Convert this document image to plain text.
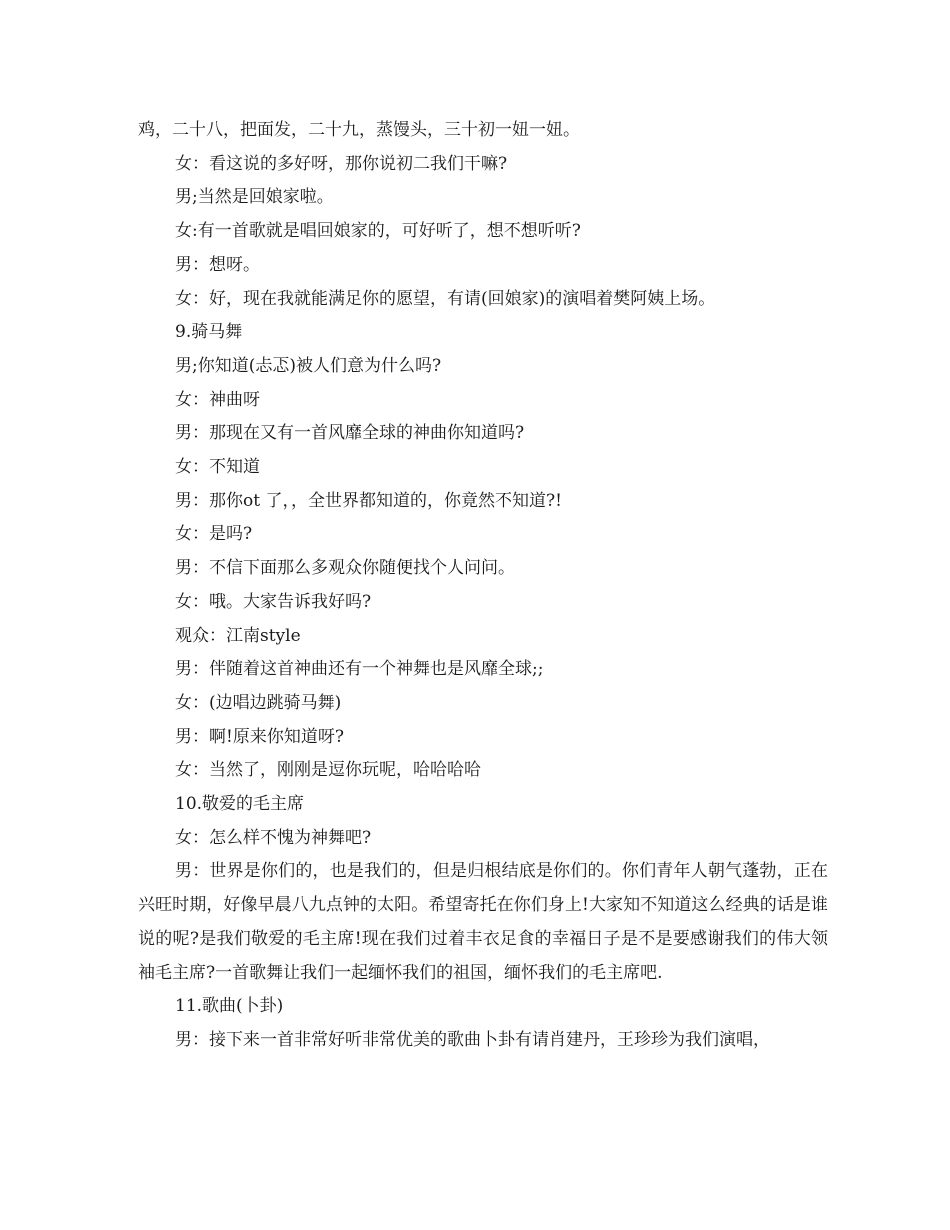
鸡，二十八，把面发，二十九，蒸馒头，三十初一妞一妞。
女：看这说的多好呀，那你说初二我们干嘛?
男;当然是回娘家啦。
女:有一首歌就是唱回娘家的，可好听了，想不想听听?
男：想呀。
女：好，现在我就能满足你的愿望，有请(回娘家)的演唱着樊阿姨上场。
9.骑马舞
男;你知道(忐忑)被人们意为什么吗?
女：神曲呀
男：那现在又有一首风靡全球的神曲你知道吗?
女：不知道
男：那你ot 了，，全世界都知道的，你竟然不知道?!
女：是吗?
男：不信下面那么多观众你随便找个人问问。
女：哦。大家告诉我好吗?
观众：江南style
男：伴随着这首神曲还有一个神舞也是风靡全球;;
女：(边唱边跳骑马舞)
男：啊!原来你知道呀?
女：当然了，刚刚是逗你玩呢，哈哈哈哈
10.敬爱的毛主席
女：怎么样不愧为神舞吧?

男：世界是你们的，也是我们的，但是归根结底是你们的。你们青年人朝气蓬勃，正在兴旺时期，好像早晨八九点钟的太阳。希望寄托在你们身上!大家知不知道这么经典的话是谁说的呢?是我们敬爱的毛主席!现在我们过着丰衣足食的幸福日子是不是要感谢我们的伟大领袖毛主席?一首歌舞让我们一起缅怀我们的祖国，缅怀我们的毛主席吧.

11.歌曲(卜卦)
男：接下来一首非常好听非常优美的歌曲卜卦有请肖建丹，王珍珍为我们演唱，
